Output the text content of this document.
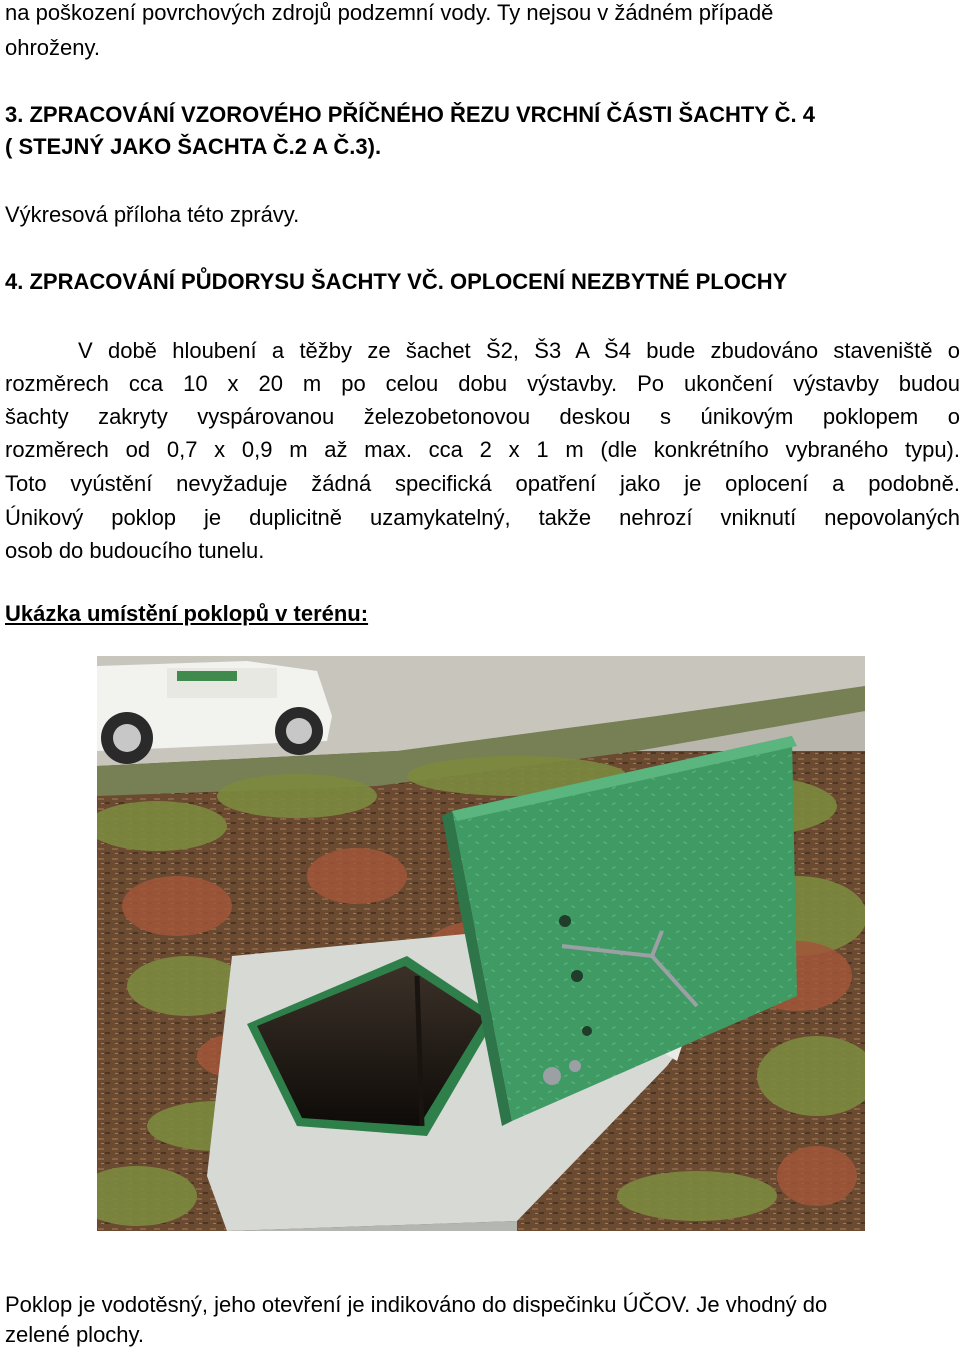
na poškození povrchových zdrojů podzemní vody. Ty nejsou v žádném případě
ohroženy.
3. ZPRACOVÁNÍ VZOROVÉHO PŘÍČNÉHO ŘEZU VRCHNÍ ČÁSTI ŠACHTY Č. 4
( STEJNÝ JAKO ŠACHTA Č.2 A Č.3).
Výkresová příloha této zprávy.
4. ZPRACOVÁNÍ PŮDORYSU ŠACHTY VČ. OPLOCENÍ NEZBYTNÉ PLOCHY
V době hloubení a těžby ze šachet Š2, Š3 A Š4 bude zbudováno staveniště o
rozměrech cca 10 x 20 m po celou dobu výstavby. Po ukončení výstavby budou
šachty zakryty vyspárovanou železobetonovou deskou s únikovým poklopem o
rozměrech od 0,7 x 0,9 m až max. cca 2 x 1 m (dle konkrétního vybraného typu).
Toto vyústění nevyžaduje žádná specifická opatření jako je oplocení a podobně.
Únikový poklop je duplicitně uzamykatelný, takže nehrozí vniknutí nepovolaných
osob do budoucího tunelu.
Ukázka umístění poklopů v terénu:
Poklop je vodotěsný, jeho otevření je indikováno do dispečinku ÚČOV. Je vhodný do
zelené plochy.
